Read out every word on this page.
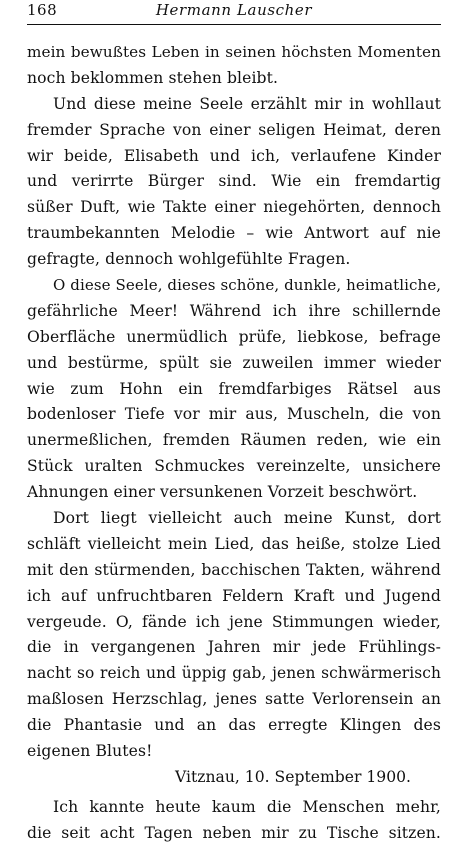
168	Hermann Lauscher
mein bewußtes Leben in seinen höchsten Momenten
noch beklommen stehen bleibt.
Und diese meine Seele erzählt mir in wohllaut
fremder Sprache von einer seligen Heimat, deren
wir beide, Elisabeth und ich, verlaufene Kinder
und verirrte Bürger sind. Wie ein fremdartig
süßer Duft, wie Takte einer niegehörten, dennoch
traumbekannten Melodie – wie Antwort auf nie
gefragte, dennoch wohlgefühlte Fragen.
O diese Seele, dieses schöne, dunkle, heimatliche,
gefährliche Meer! Während ich ihre schillernde
Oberfläche unermüdlich prüfe, liebkose, befrage
und bestürme, spült sie zuweilen immer wieder
wie zum Hohn ein fremdfarbiges Rätsel aus
bodenloser Tiefe vor mir aus, Muscheln, die von
unermeßlichen, fremden Räumen reden, wie ein
Stück uralten Schmuckes vereinzelte, unsichere
Ahnungen einer versunkenen Vorzeit beschwört.
Dort liegt vielleicht auch meine Kunst, dort
schläft vielleicht mein Lied, das heiße, stolze Lied
mit den stürmenden, bacchischen Takten, während
ich auf unfruchtbaren Feldern Kraft und Jugend
vergeude. O, fände ich jene Stimmungen wieder,
die in vergangenen Jahren mir jede Frühlings-
nacht so reich und üppig gab, jenen schwärmerisch
maßlosen Herzschlag, jenes satte Verlorensein an
die Phantasie und an das erregte Klingen des
eigenen Blutes!
Vitznau, 10. September 1900.
Ich kannte heute kaum die Menschen mehr,
die seit acht Tagen neben mir zu Tische sitzen.
